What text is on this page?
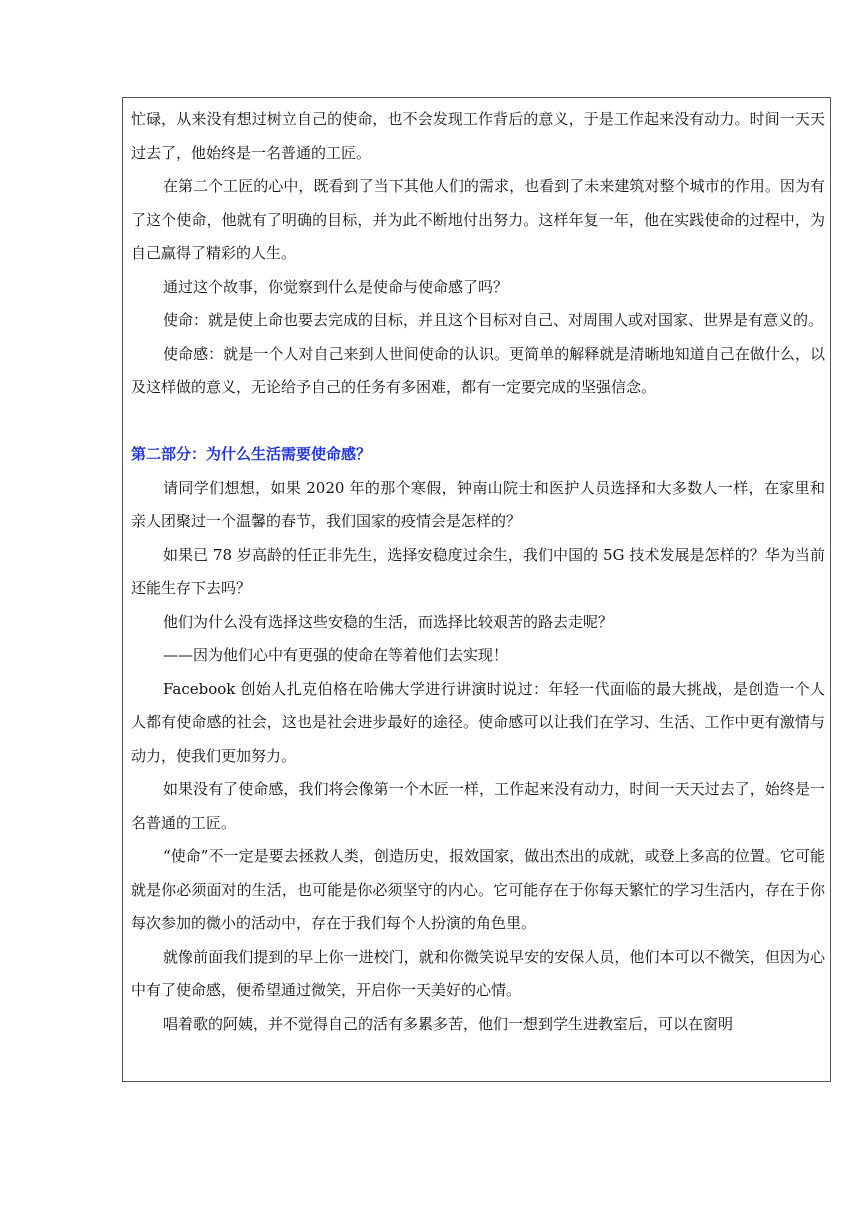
忙碌，从来没有想过树立自己的使命，也不会发现工作背后的意义，于是工作起来没有动力。时间一天天过去了，他始终是一名普通的工匠。

在第二个工匠的心中，既看到了当下其他人们的需求，也看到了未来建筑对整个城市的作用。因为有了这个使命，他就有了明确的目标，并为此不断地付出努力。这样年复一年，他在实践使命的过程中，为自己赢得了精彩的人生。

通过这个故事，你觉察到什么是使命与使命感了吗？

使命：就是使上命也要去完成的目标，并且这个目标对自己、对周围人或对国家、世界是有意义的。

使命感：就是一个人对自己来到人世间使命的认识。更简单的解释就是清晰地知道自己在做什么，以及这样做的意义，无论给予自己的任务有多困难，都有一定要完成的坚强信念。

第二部分：为什么生活需要使命感？

请同学们想想，如果 2020 年的那个寒假，钟南山院士和医护人员选择和大多数人一样，在家里和亲人团聚过一个温馨的春节，我们国家的疫情会是怎样的？

如果已 78 岁高龄的任正非先生，选择安稳度过余生，我们中国的 5G 技术发展是怎样的？华为当前还能生存下去吗？

他们为什么没有选择这些安稳的生活，而选择比较艰苦的路去走呢？

——因为他们心中有更强的使命在等着他们去实现！

Facebook 创始人扎克伯格在哈佛大学进行讲演时说过：年轻一代面临的最大挑战，是创造一个人人都有使命感的社会，这也是社会进步最好的途径。使命感可以让我们在学习、生活、工作中更有激情与动力，使我们更加努力。

如果没有了使命感，我们将会像第一个木匠一样，工作起来没有动力，时间一天天过去了，始终是一名普通的工匠。

“使命”不一定是要去拯救人类，创造历史，报效国家，做出杰出的成就，或登上多高的位置。它可能就是你必须面对的生活，也可能是你必须坚守的内心。它可能存在于你每天繁忙的学习生活内，存在于你每次参加的微小的活动中，存在于我们每个人扮演的角色里。

就像前面我们提到的早上你一进校门，就和你微笑说早安的安保人员，他们本可以不微笑，但因为心中有了使命感，便希望通过微笑，开启你一天美好的心情。

唱着歌的阿姨，并不觉得自己的活有多累多苦，他们一想到学生进教室后，可以在窗明
